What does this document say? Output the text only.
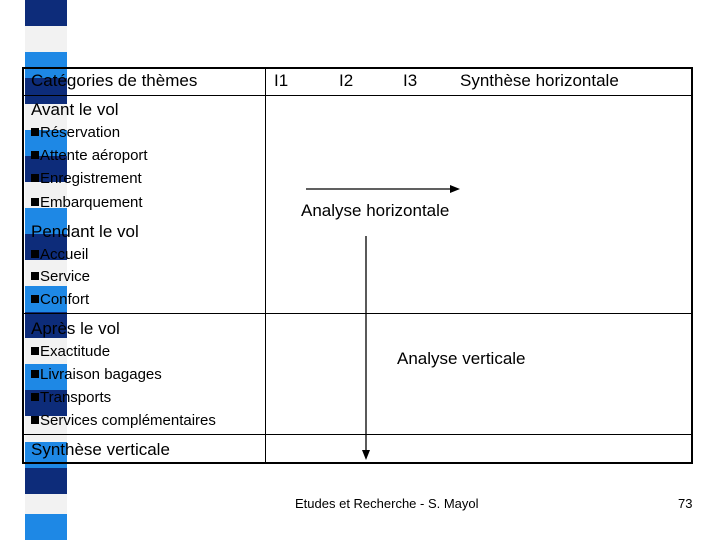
Catégories de thèmes	I1	I2	I3	Synthèse horizontale
Avant le vol
Réservation
Attente aéroport
Enregistrement
Embarquement
Pendant le vol
Accueil
Service
Confort
Après le vol
Exactitude
Livraison bagages
Transports
Services complémentaires
Synthèse verticale
Analyse horizontale
Analyse verticale
Etudes et Recherche - S. Mayol	73
